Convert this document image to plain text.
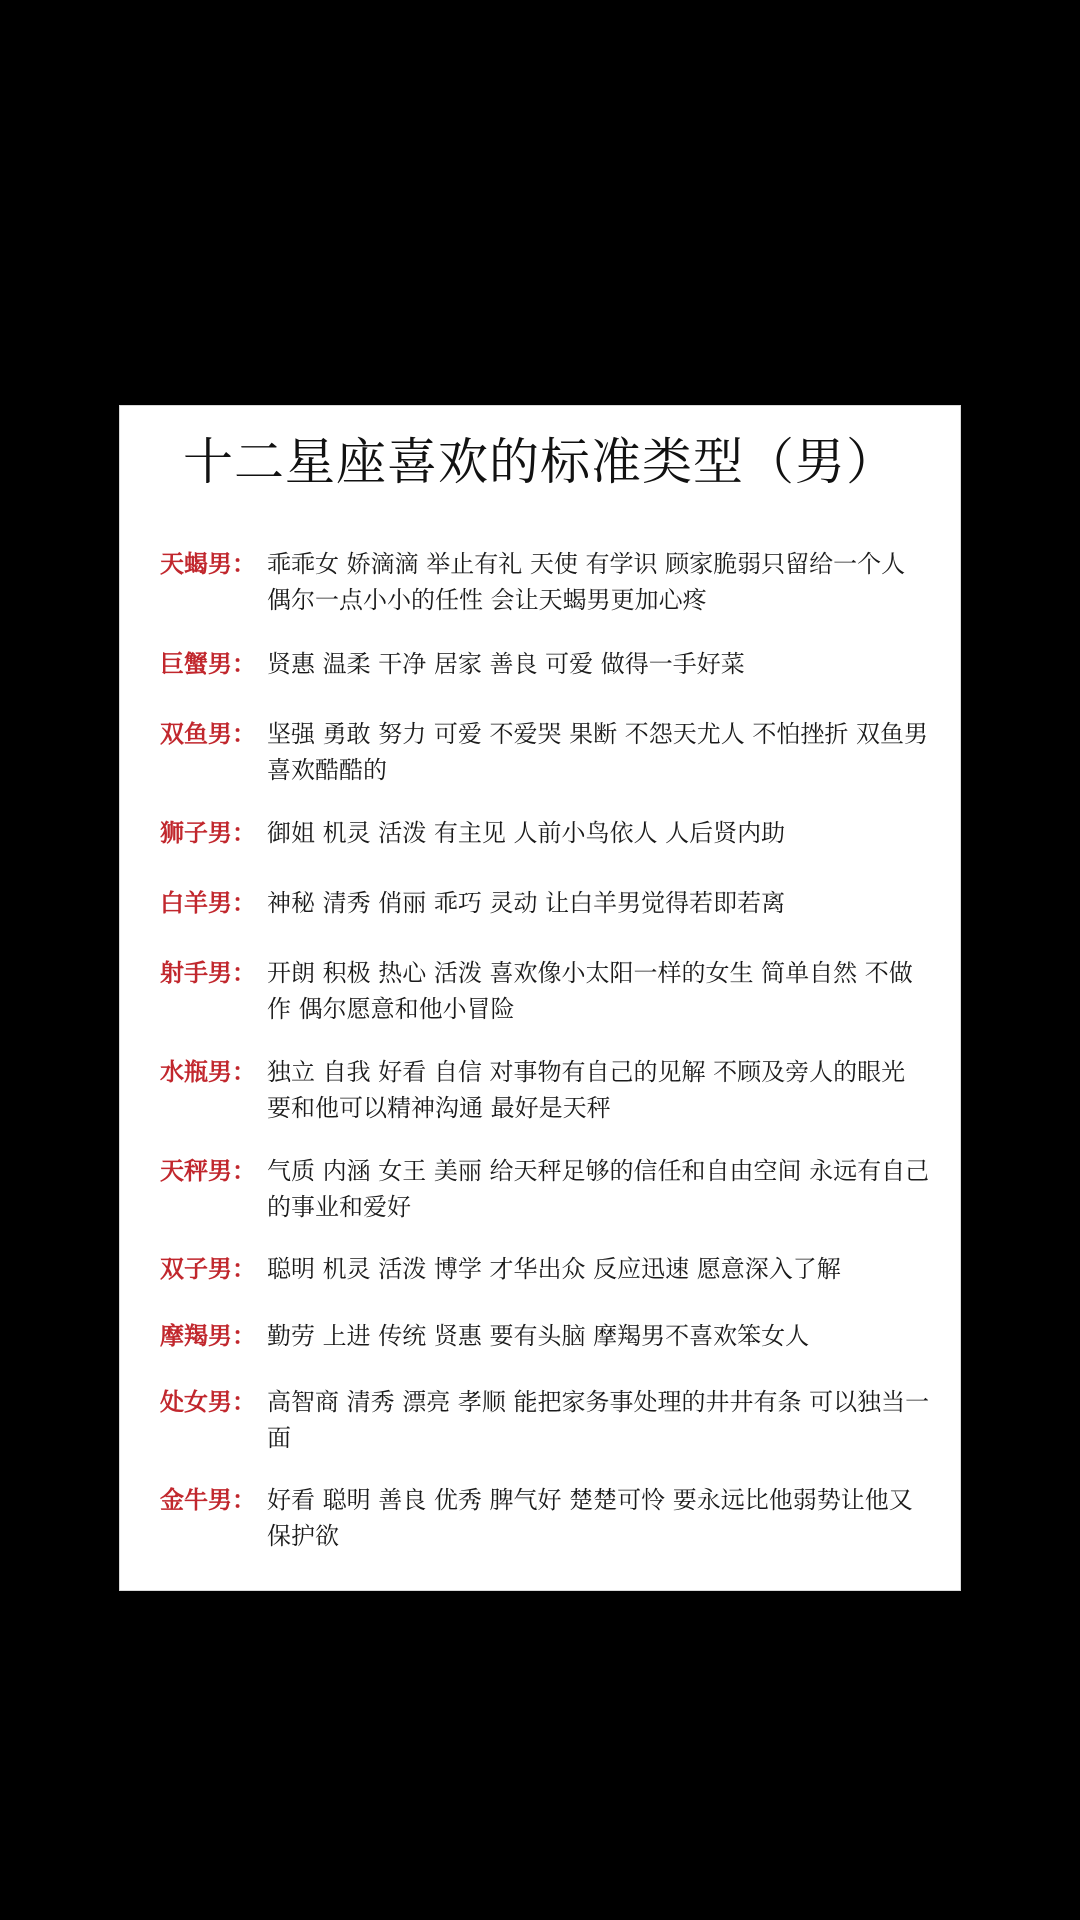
十二星座喜欢的标准类型（男）
天蝎男： 乖乖女 娇滴滴 举止有礼 天使 有学识 顾家脆弱只留给一个人 偶尔一点小小的任性 会让天蝎男更加心疼
巨蟹男： 贤惠 温柔 干净 居家 善良 可爱 做得一手好菜
双鱼男： 坚强 勇敢 努力 可爱 不爱哭 果断 不怨天尤人 不怕挫折 双鱼男喜欢酷酷的
狮子男： 御姐 机灵 活泼 有主见 人前小鸟依人 人后贤内助
白羊男： 神秘 清秀 俏丽 乖巧 灵动 让白羊男觉得若即若离
射手男： 开朗 积极 热心 活泼 喜欢像小太阳一样的女生 简单自然 不做作 偶尔愿意和他小冒险
水瓶男： 独立 自我 好看 自信 对事物有自己的见解 不顾及旁人的眼光 要和他可以精神沟通 最好是天秤
天秤男： 气质 内涵 女王 美丽 给天秤足够的信任和自由空间 永远有自己的事业和爱好
双子男： 聪明 机灵 活泼 博学 才华出众 反应迅速 愿意深入了解
摩羯男： 勤劳 上进 传统 贤惠 要有头脑 摩羯男不喜欢笨女人
处女男： 高智商 清秀 漂亮 孝顺 能把家务事处理的井井有条 可以独当一面
金牛男： 好看 聪明 善良 优秀 脾气好 楚楚可怜 要永远比他弱势让他又保护欲
